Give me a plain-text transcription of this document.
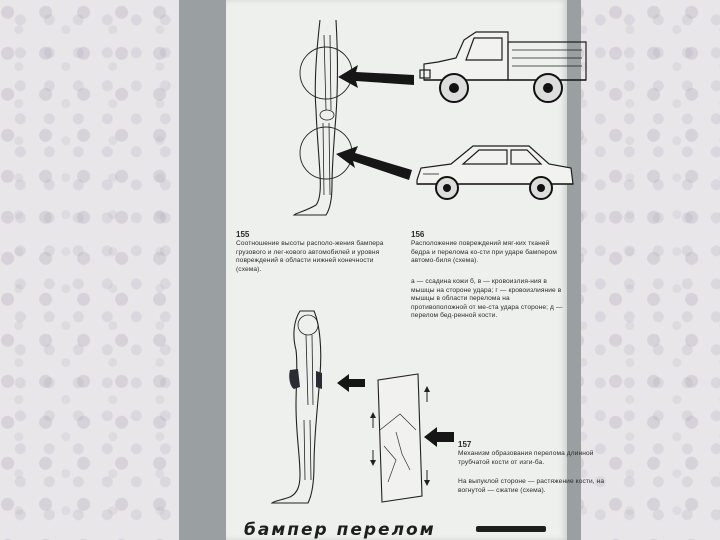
155

Соотношение высоты располо-жения бампера грузового и лег-кового автомобилей и уровня повреждений в области нижней конечности (схема).

156

Расположение повреждений мяг-ких тканей бедра и перелома ко-сти при ударе бампером автомо-биля (схема).

а — ссадина кожи б, в — кровоизлия-ния в мышцы на стороне удара; г — кровоизлияние в мышцы в области перелома на противоположной от ме-ста удара стороне; д — перелом бед-ренной кости.

157

Механизм образования перелома длинной трубчатой кости от изги-ба.

На выпуклой стороне — растяжение кости, на вогнутой — сжатие (схема).

бампер перелом
